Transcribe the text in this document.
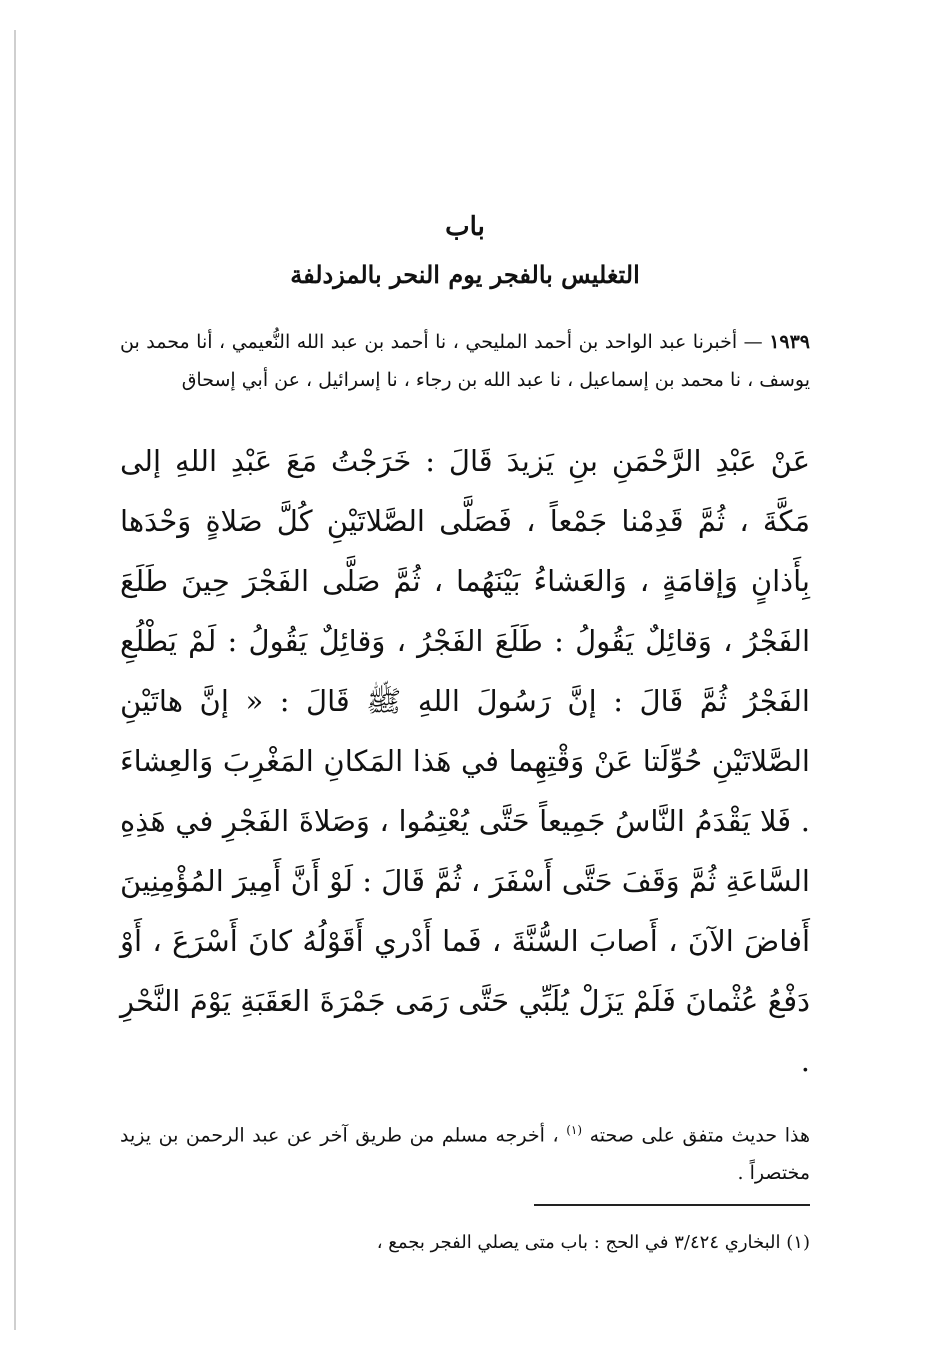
باب
التغليس بالفجر يوم النحر بالمزدلفة
١٩٣٩ — أخبرنا عبد الواحد بن أحمد المليحي ، نا أحمد بن عبد الله النُّعيمي ، أنا محمد بن يوسف ، نا محمد بن إسماعيل ، نا عبد الله بن رجاء ، نا إسرائيل ، عن أبي إسحاق
عَنْ عَبْدِ الرَّحْمَنِ بنِ يَزيدَ قَالَ : خَرَجْتُ مَعَ عَبْدِ اللهِ إلى مَكَّةَ ، ثُمَّ قَدِمْنا جَمْعاً ، فَصَلَّى الصَّلاتَيْنِ كُلَّ صَلاةٍ وَحْدَها بِأَذانٍ وَإقامَةٍ ، وَالعَشاءُ بَيْنَهُما ، ثُمَّ صَلَّى الفَجْرَ حِينَ طَلَعَ الفَجْرُ ، وَقائِلٌ يَقُولُ : طَلَعَ الفَجْرُ ، وَقائِلٌ يَقُولُ : لَمْ يَطْلُعِ الفَجْرُ ثُمَّ قَالَ : إنَّ رَسُولَ اللهِ ﷺ قَالَ : « إنَّ هاتَيْنِ الصَّلاتَيْنِ حُوِّلَتا عَنْ وَقْتِهِما في هَذا المَكانِ المَغْرِبَ وَالعِشاءَ . فَلا يَقْدَمُ النَّاسُ جَمِيعاً حَتَّى يُعْتِمُوا ، وَصَلاةَ الفَجْرِ في هَذِهِ السَّاعَةِ ثُمَّ وَقَفَ حَتَّى أَسْفَرَ ، ثُمَّ قَالَ : لَوْ أَنَّ أَمِيرَ المُؤْمِنِينَ أَفاضَ الآنَ ، أَصابَ السُّنَّةَ ، فَما أَدْري أَقَوْلُهُ كانَ أَسْرَعَ ، أَوْ دَفْعُ عُثْمانَ فَلَمْ يَزَلْ يُلَبِّي حَتَّى رَمَى جَمْرَةَ العَقَبَةِ يَوْمَ النَّحْرِ .
هذا حديث متفق على صحته $^{(١)}$ ، أخرجه مسلم من طريق آخر عن عبد الرحمن بن يزيد مختصراً .
(١) البخاري ٣/٤٢٤ في الحج : باب متى يصلي الفجر بجمع ،
